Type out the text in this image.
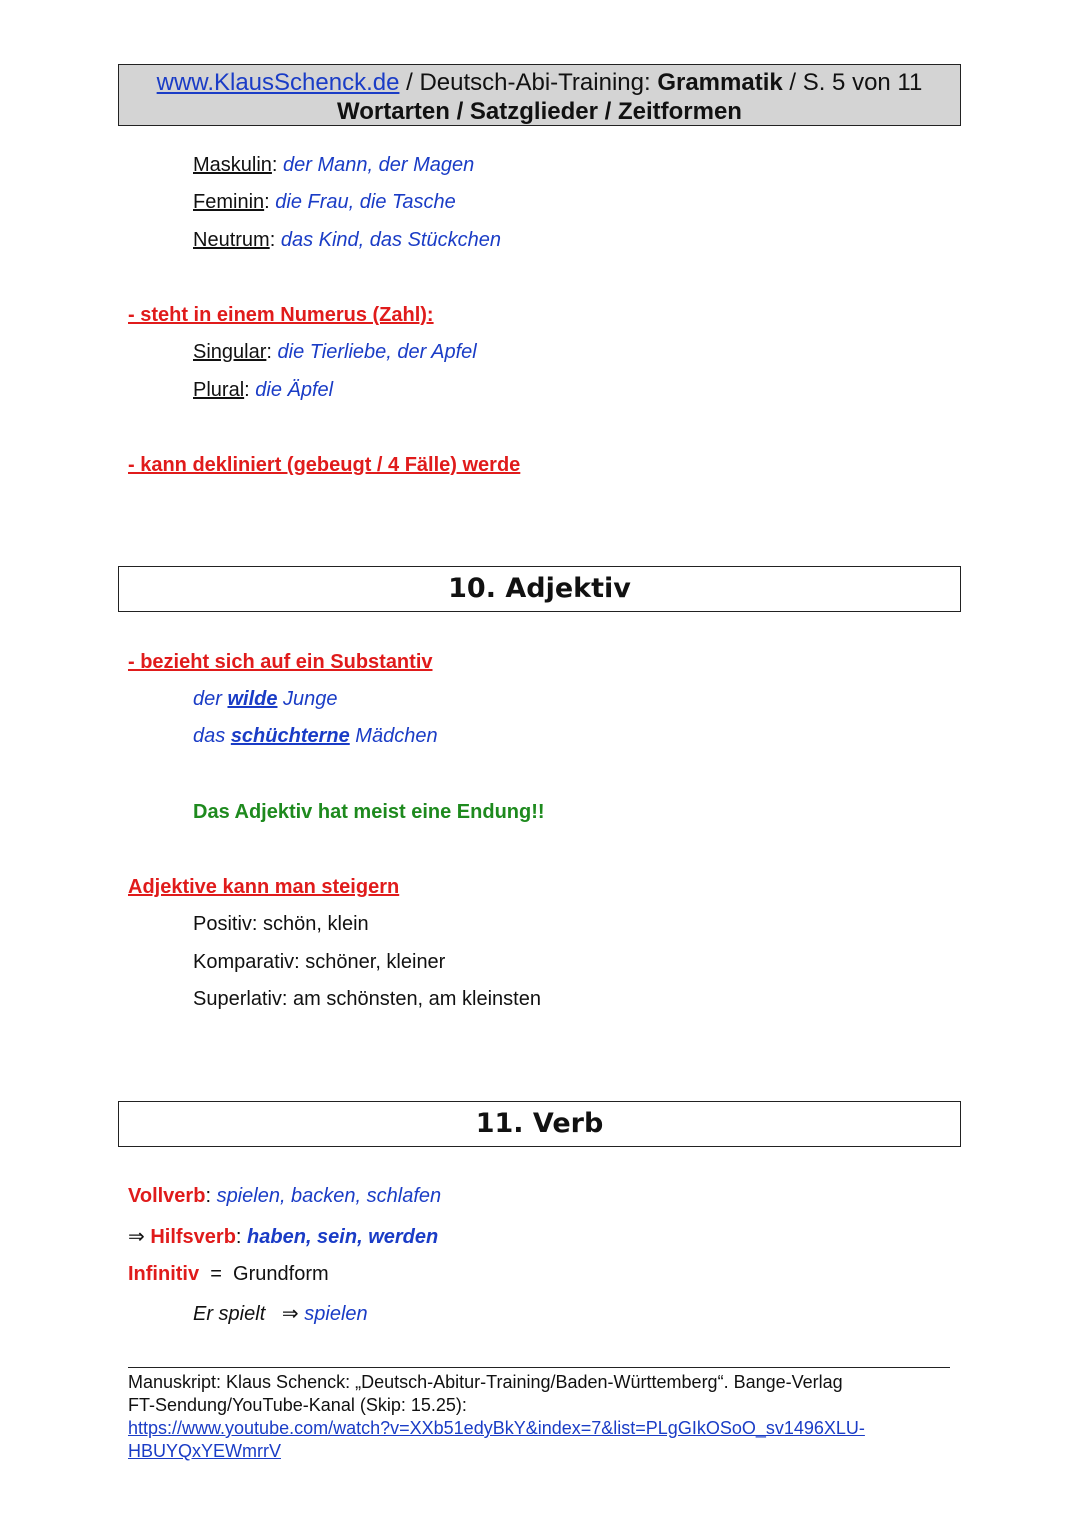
www.KlausSchenck.de / Deutsch-Abi-Training: Grammatik / S. 5 von 11
Wortarten / Satzglieder / Zeitformen
Maskulin: der Mann, der Magen
Feminin: die Frau, die Tasche
Neutrum: das Kind, das Stückchen
- steht in einem Numerus (Zahl):
Singular: die Tierliebe, der Apfel
Plural: die Äpfel
- kann dekliniert (gebeugt / 4 Fälle) werde
10. Adjektiv
- bezieht sich auf ein Substantiv
der wilde Junge
das schüchterne Mädchen
Das Adjektiv hat meist eine Endung!!
Adjektive kann man steigern
Positiv: schön, klein
Komparativ: schöner, kleiner
Superlativ: am schönsten, am kleinsten
11. Verb
Vollverb: spielen, backen, schlafen
⇒ Hilfsverb: haben, sein, werden
Infinitiv = Grundform
Er spielt ⇒ spielen
Manuskript: Klaus Schenck: „Deutsch-Abitur-Training/Baden-Württemberg“. Bange-Verlag
FT-Sendung/YouTube-Kanal (Skip: 15.25):
https://www.youtube.com/watch?v=XXb51edyBkY&index=7&list=PLgGIkOSoO_sv1496XLU-
HBUYQxYEWmrrV
